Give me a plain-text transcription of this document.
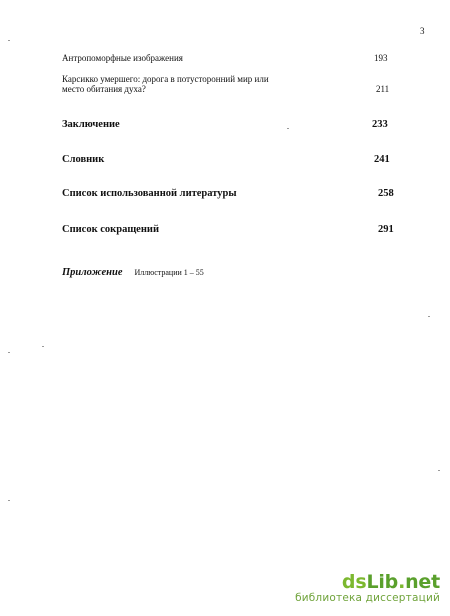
3
Антропоморфные изображения	193
Карсикко умершего: дорога в потусторонний мир или
место обитания духа?	211
Заключение	233
Словник	241
Список использованной литературы	258
Список сокращений	291
Приложение Иллюстрации 1 – 55
dsLib.net
библиотека диссертаций
